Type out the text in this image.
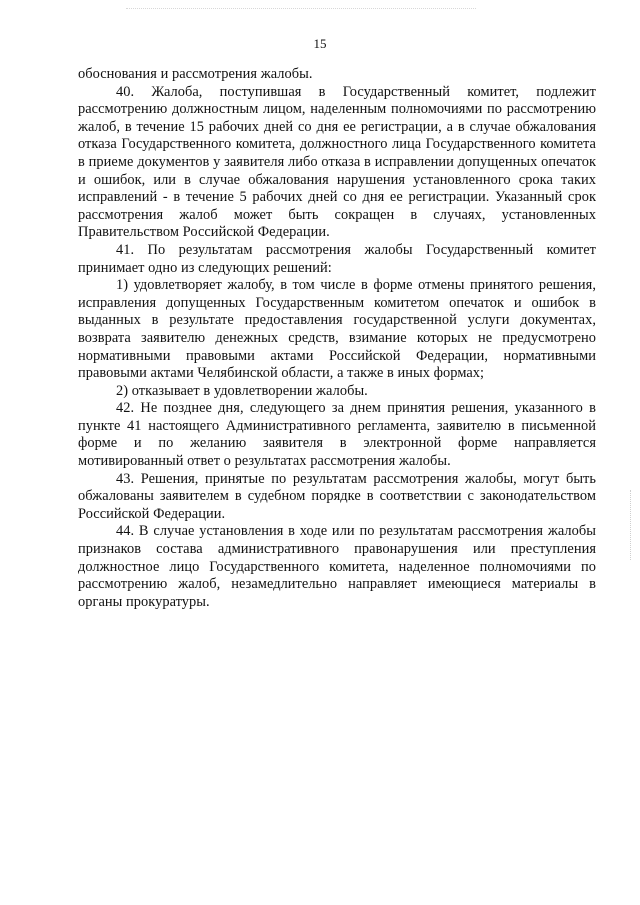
15

обоснования и рассмотрения жалобы.

40. Жалоба, поступившая в Государственный комитет, подлежит рассмотрению должностным лицом, наделенным полномочиями по рассмотрению жалоб, в течение 15 рабочих дней со дня ее регистрации, а в случае обжалования отказа Государственного комитета, должностного лица Государственного комитета в приеме документов у заявителя либо отказа в исправлении допущенных опечаток и ошибок, или в случае обжалования нарушения установленного срока таких исправлений - в течение 5 рабочих дней со дня ее регистрации. Указанный срок рассмотрения жалоб может быть сокращен в случаях, установленных Правительством Российской Федерации.

41. По результатам рассмотрения жалобы Государственный комитет принимает одно из следующих решений:

1) удовлетворяет жалобу, в том числе в форме отмены принятого решения, исправления допущенных Государственным комитетом опечаток и ошибок в выданных в результате предоставления государственной услуги документах, возврата заявителю денежных средств, взимание которых не предусмотрено нормативными правовыми актами Российской Федерации, нормативными правовыми актами Челябинской области, а также в иных формах;

2) отказывает в удовлетворении жалобы.

42. Не позднее дня, следующего за днем принятия решения, указанного в пункте 41 настоящего Административного регламента, заявителю в письменной форме и по желанию заявителя в электронной форме направляется мотивированный ответ о результатах рассмотрения жалобы.

43. Решения, принятые по результатам рассмотрения жалобы, могут быть обжалованы заявителем в судебном порядке в соответствии с законодательством Российской Федерации.

44. В случае установления в ходе или по результатам рассмотрения жалобы признаков состава административного правонарушения или преступления должностное лицо Государственного комитета, наделенное полномочиями по рассмотрению жалоб, незамедлительно направляет имеющиеся материалы в органы прокуратуры.
